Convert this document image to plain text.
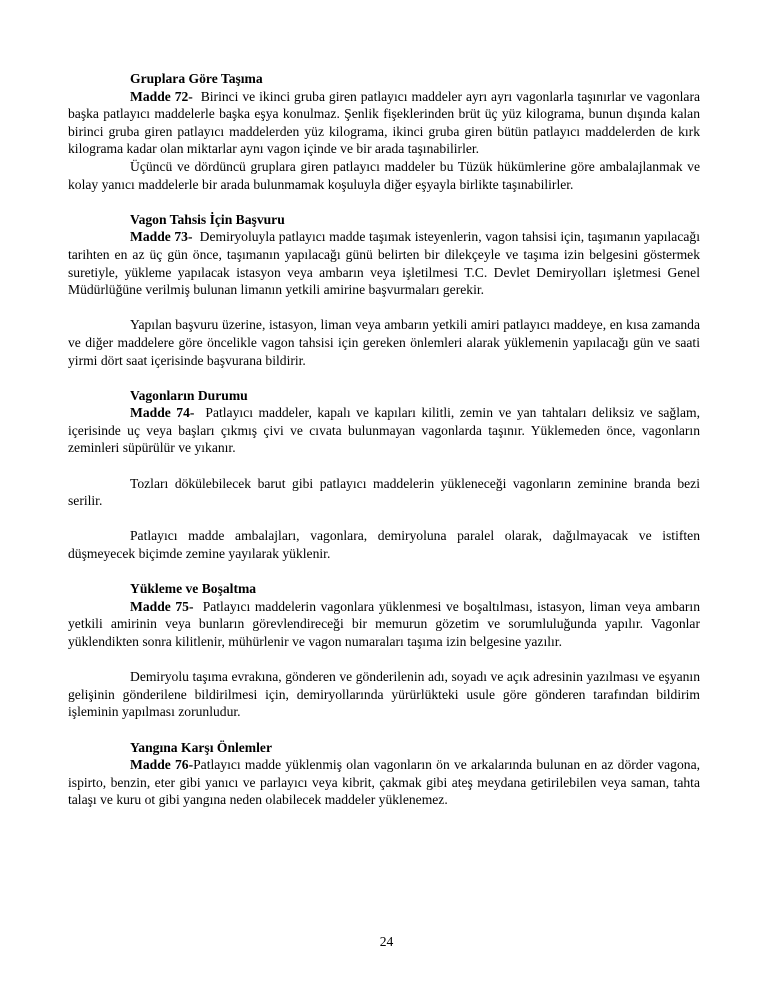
Gruplara Göre Taşıma

Madde 72- Birinci ve ikinci gruba giren patlayıcı maddeler ayrı ayrı vagonlarla taşınırlar ve vagonlara başka patlayıcı maddelerle başka eşya konulmaz. Şenlik fişeklerinden brüt üç yüz kilograma, bunun dışında kalan birinci gruba giren patlayıcı maddelerden yüz kilograma, ikinci gruba giren bütün patlayıcı maddelerden de kırk kilograma kadar olan miktarlar aynı vagon içinde ve bir arada taşınabilirler.

Üçüncü ve dördüncü gruplara giren patlayıcı maddeler bu Tüzük hükümlerine göre ambalajlanmak ve kolay yanıcı maddelerle bir arada bulunmamak koşuluyla diğer eşyayla birlikte taşınabilirler.

Vagon Tahsis İçin Başvuru

Madde 73- Demiryoluyla patlayıcı madde taşımak isteyenlerin, vagon tahsisi için, taşımanın yapılacağı tarihten en az üç gün önce, taşımanın yapılacağı günü belirten bir dilekçeyle ve taşıma izin belgesini göstermek suretiyle, yükleme yapılacak istasyon veya ambarın veya işletilmesi T.C. Devlet Demiryolları işletmesi Genel Müdürlüğüne verilmiş bulunan limanın yetkili amirine başvurmaları gerekir.

Yapılan başvuru üzerine, istasyon, liman veya ambarın yetkili amiri patlayıcı maddeye, en kısa zamanda ve diğer maddelere göre öncelikle vagon tahsisi için gereken önlemleri alarak yüklemenin yapılacağı gün ve saati yirmi dört saat içerisinde başvurana bildirir.

Vagonların Durumu

Madde 74- Patlayıcı maddeler, kapalı ve kapıları kilitli, zemin ve yan tahtaları deliksiz ve sağlam, içerisinde uç veya başları çıkmış çivi ve cıvata bulunmayan vagonlarda taşınır. Yüklemeden önce, vagonların zeminleri süpürülür ve yıkanır.

Tozları dökülebilecek barut gibi patlayıcı maddelerin yükleneceği vagonların zeminine branda bezi serilir.

Patlayıcı madde ambalajları, vagonlara, demiryoluna paralel olarak, dağılmayacak ve istiften düşmeyecek biçimde zemine yayılarak yüklenir.

Yükleme ve Boşaltma

Madde 75- Patlayıcı maddelerin vagonlara yüklenmesi ve boşaltılması, istasyon, liman veya ambarın yetkili amirinin veya bunların görevlendireceği bir memurun gözetim ve sorumluluğunda yapılır. Vagonlar yüklendikten sonra kilitlenir, mühürlenir ve vagon numaraları taşıma izin belgesine yazılır.

Demiryolu taşıma evrakına, gönderen ve gönderilenin adı, soyadı ve açık adresinin yazılması ve eşyanın gelişinin gönderilene bildirilmesi için, demiryollarında yürürlükteki usule göre gönderen tarafından bildirim işleminin yapılması zorunludur.

Yangına Karşı Önlemler

Madde 76-Patlayıcı madde yüklenmiş olan vagonların ön ve arkalarında bulunan en az dörder vagona, ispirto, benzin, eter gibi yanıcı ve parlayıcı veya kibrit, çakmak gibi ateş meydana getirilebilen veya saman, tahta talaşı ve kuru ot gibi yangına neden olabilecek maddeler yüklenemez.

24
